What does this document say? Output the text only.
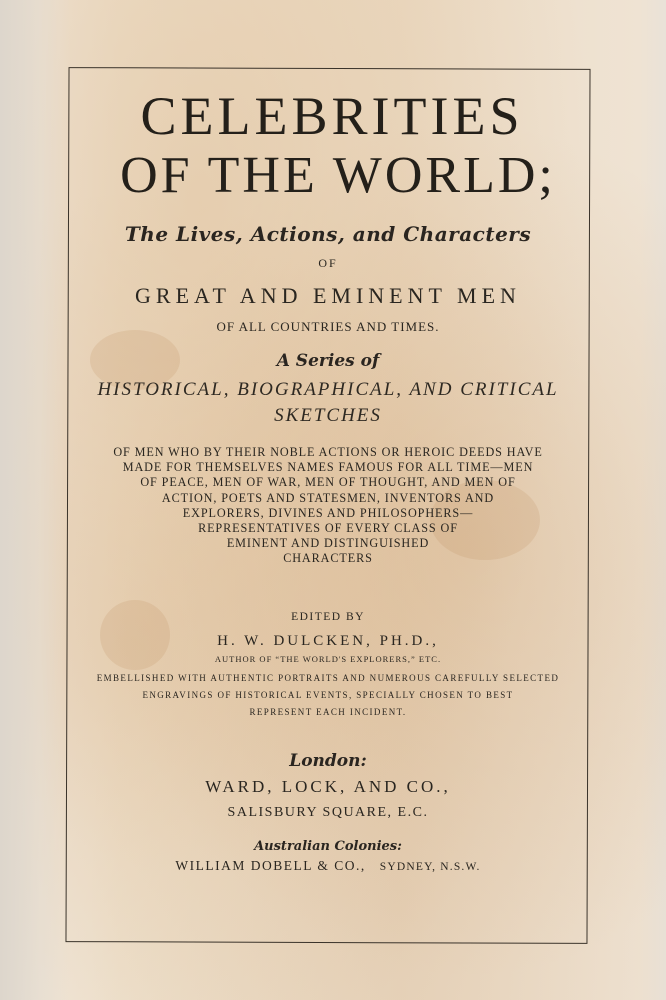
CELEBRITIES
OF THE WORLD;
The Lives, Actions, and Characters
OF
GREAT AND EMINENT MEN
OF ALL COUNTRIES AND TIMES.
A Series of
HISTORICAL, BIOGRAPHICAL, AND CRITICAL
SKETCHES
OF MEN WHO BY THEIR NOBLE ACTIONS OR HEROIC DEEDS HAVE
MADE FOR THEMSELVES NAMES FAMOUS FOR ALL TIME—MEN
OF PEACE, MEN OF WAR, MEN OF THOUGHT, AND MEN OF
ACTION, POETS AND STATESMEN, INVENTORS AND
EXPLORERS, DIVINES AND PHILOSOPHERS—
REPRESENTATIVES OF EVERY CLASS OF
EMINENT AND DISTINGUISHED
CHARACTERS
EDITED BY
H. W. DULCKEN, PH.D.,
AUTHOR OF “THE WORLD'S EXPLORERS,” ETC.
EMBELLISHED WITH AUTHENTIC PORTRAITS AND NUMEROUS CAREFULLY SELECTED
ENGRAVINGS OF HISTORICAL EVENTS, SPECIALLY CHOSEN TO BEST
REPRESENT EACH INCIDENT.
London:
WARD, LOCK, AND CO.,
SALISBURY SQUARE, E.C.
Australian Colonies:
WILLIAM DOBELL & CO., SYDNEY, N.S.W.
